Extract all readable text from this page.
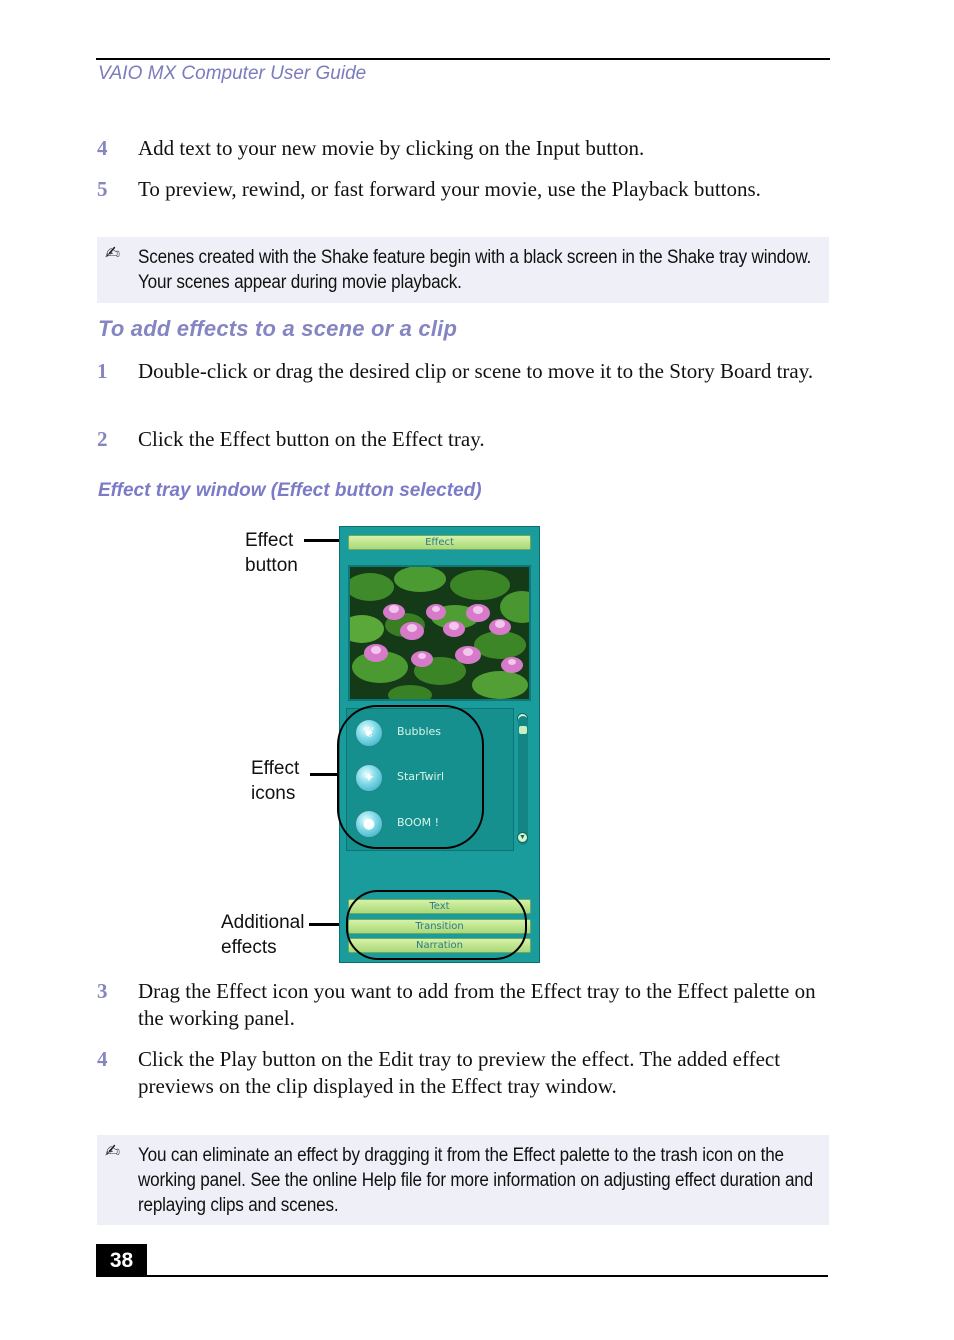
VAIO MX Computer User Guide
4	Add text to your new movie by clicking on the Input button.
5	To preview, rewind, or fast forward your movie, use the Playback buttons.
✍ Scenes created with the Shake feature begin with a black screen in the Shake tray window. Your scenes appear during movie playback.
To add effects to a scene or a clip
1	Double-click or drag the desired clip or scene to move it to the Story Board tray.
2	Click the Effect button on the Effect tray.
Effect tray window (Effect button selected)
Effect
button
Effect
icons
Additional
effects
Effect
❦	Bubbles
✦	StarTwirl
●	BOOM !
▼
Text
Transition
Narration
3	Drag the Effect icon you want to add from the Effect tray to the Effect palette on the working panel.
4	Click the Play button on the Edit tray to preview the effect. The added effect previews on the clip displayed in the Effect tray window.
✍ You can eliminate an effect by dragging it from the Effect palette to the trash icon on the working panel. See the online Help file for more information on adjusting effect duration and replaying clips and scenes.
38
